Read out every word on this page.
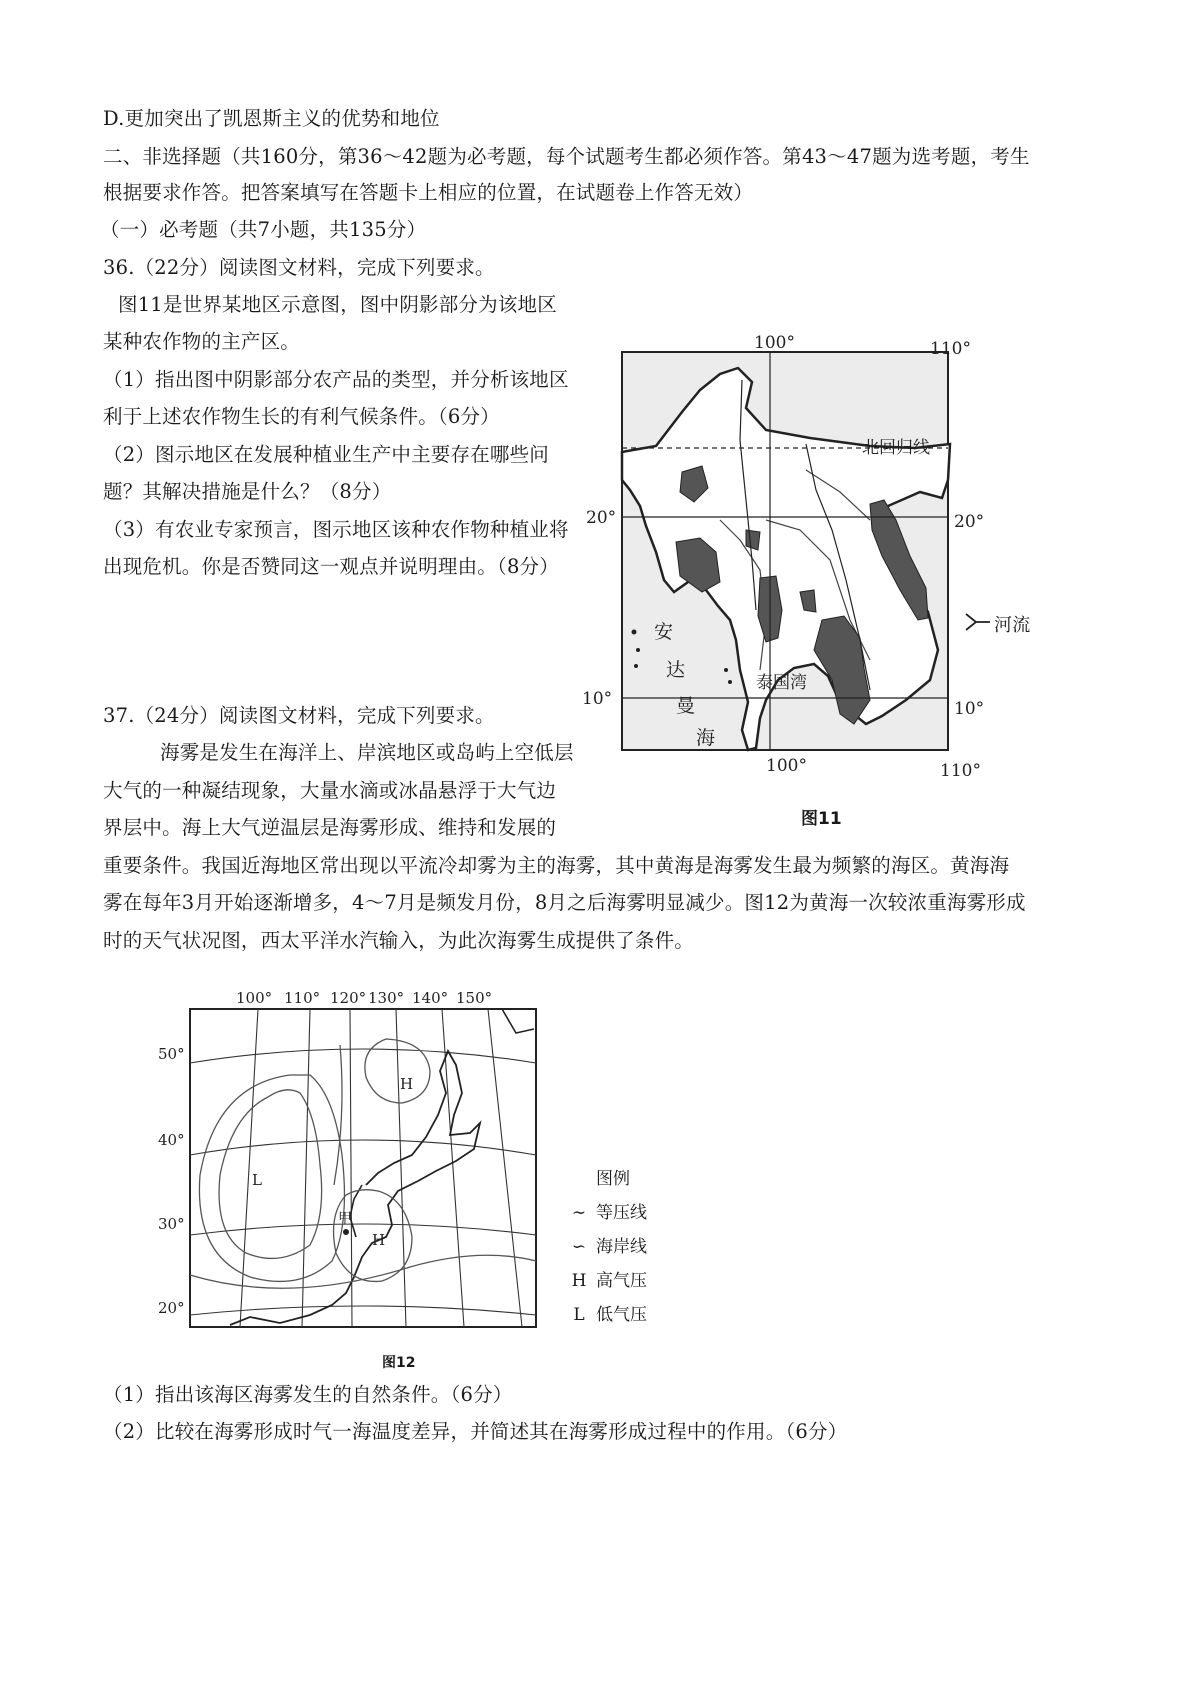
D.更加突出了凯恩斯主义的优势和地位
二、非选择题（共160分，第36～42题为必考题，每个试题考生都必须作答。第43～47题为选考题，考生
根据要求作答。把答案填写在答题卡上相应的位置，在试题卷上作答无效）
（一）必考题（共7小题，共135分）
36.（22分）阅读图文材料，完成下列要求。
图11是世界某地区示意图，图中阴影部分为该地区
某种农作物的主产区。
（1）指出图中阴影部分农产品的类型，并分析该地区
利于上述农作物生长的有利气候条件。（6分）
（2）图示地区在发展种植业生产中主要存在哪些问
题？其解决措施是什么？（8分）
（3）有农业专家预言，图示地区该种农作物种植业将
出现危机。你是否赞同这一观点并说明理由。（8分）
37.（24分）阅读图文材料，完成下列要求。
海雾是发生在海洋上、岸滨地区或岛屿上空低层
大气的一种凝结现象，大量水滴或冰晶悬浮于大气边
界层中。海上大气逆温层是海雾形成、维持和发展的
重要条件。我国近海地区常出现以平流冷却雾为主的海雾，其中黄海是海雾发生最为频繁的海区。黄海海
雾在每年3月开始逐渐增多，4～7月是频发月份，8月之后海雾明显减少。图12为黄海一次较浓重海雾形成
时的天气状况图，西太平洋水汽输入，为此次海雾生成提供了条件。
（1）指出该海区海雾发生的自然条件。（6分）
（2）比较在海雾形成时气一海温度差异，并简述其在海雾形成过程中的作用。（6分）
100°	110°
100°	110°
20°	20°
10°	10°
北回归线
安
达
曼
海
泰国湾
河流
图11
100° 110° 120° 130° 140° 150°
50°
40°
30°
20°
H
H
L
甲
图例
∼ 等压线
∽ 海岸线
H 高气压
L 低气压
图12
